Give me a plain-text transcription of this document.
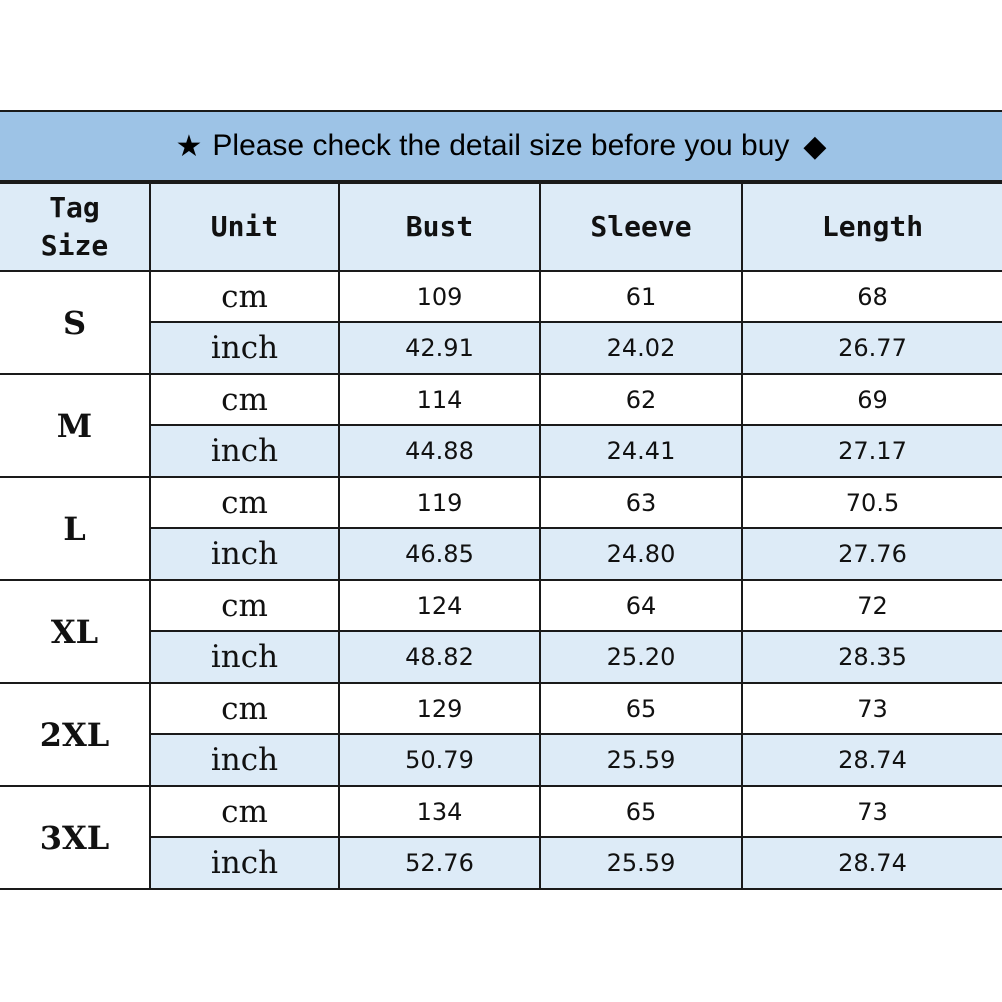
★ Please check the detail size before you buy ◆
Tag
Size	Unit	Bust	Sleeve	Length
S	cm	109	61	68
	inch	42.91	24.02	26.77
M	cm	114	62	69
	inch	44.88	24.41	27.17
L	cm	119	63	70.5
	inch	46.85	24.80	27.76
XL	cm	124	64	72
	inch	48.82	25.20	28.35
2XL	cm	129	65	73
	inch	50.79	25.59	28.74
3XL	cm	134	65	73
	inch	52.76	25.59	28.74
